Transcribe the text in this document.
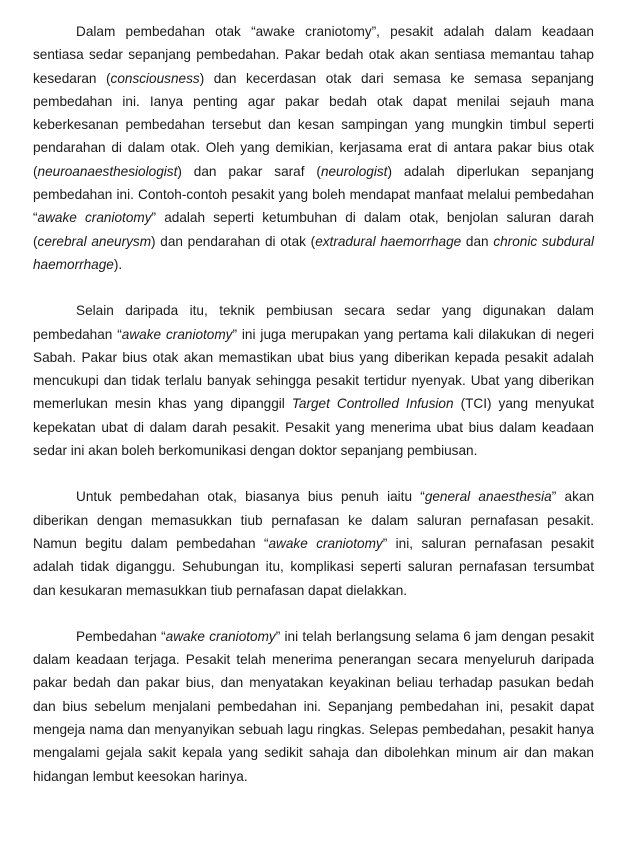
Dalam pembedahan otak “awake craniotomy”, pesakit adalah dalam keadaan sentiasa sedar sepanjang pembedahan. Pakar bedah otak akan sentiasa memantau tahap kesedaran (consciousness) dan kecerdasan otak dari semasa ke semasa sepanjang pembedahan ini. Ianya penting agar pakar bedah otak dapat menilai sejauh mana keberkesanan pembedahan tersebut dan kesan sampingan yang mungkin timbul seperti pendarahan di dalam otak. Oleh yang demikian, kerjasama erat di antara pakar bius otak (neuroanaesthesiologist) dan pakar saraf (neurologist) adalah diperlukan sepanjang pembedahan ini. Contoh-contoh pesakit yang boleh mendapat manfaat melalui pembedahan “awake craniotomy” adalah seperti ketumbuhan di dalam otak, benjolan saluran darah (cerebral aneurysm) dan pendarahan di otak (extradural haemorrhage dan chronic subdural haemorrhage).

Selain daripada itu, teknik pembiusan secara sedar yang digunakan dalam pembedahan “awake craniotomy” ini juga merupakan yang pertama kali dilakukan di negeri Sabah. Pakar bius otak akan memastikan ubat bius yang diberikan kepada pesakit adalah mencukupi dan tidak terlalu banyak sehingga pesakit tertidur nyenyak. Ubat yang diberikan memerlukan mesin khas yang dipanggil Target Controlled Infusion (TCI) yang menyukat kepekatan ubat di dalam darah pesakit. Pesakit yang menerima ubat bius dalam keadaan sedar ini akan boleh berkomunikasi dengan doktor sepanjang pembiusan.

Untuk pembedahan otak, biasanya bius penuh iaitu “general anaesthesia” akan diberikan dengan memasukkan tiub pernafasan ke dalam saluran pernafasan pesakit. Namun begitu dalam pembedahan “awake craniotomy” ini, saluran pernafasan pesakit adalah tidak diganggu. Sehubungan itu, komplikasi seperti saluran pernafasan tersumbat dan kesukaran memasukkan tiub pernafasan dapat dielakkan.

Pembedahan “awake craniotomy” ini telah berlangsung selama 6 jam dengan pesakit dalam keadaan terjaga. Pesakit telah menerima penerangan secara menyeluruh daripada pakar bedah dan pakar bius, dan menyatakan keyakinan beliau terhadap pasukan bedah dan bius sebelum menjalani pembedahan ini. Sepanjang pembedahan ini, pesakit dapat mengeja nama dan menyanyikan sebuah lagu ringkas. Selepas pembedahan, pesakit hanya mengalami gejala sakit kepala yang sedikit sahaja dan dibolehkan minum air dan makan hidangan lembut keesokan harinya.
